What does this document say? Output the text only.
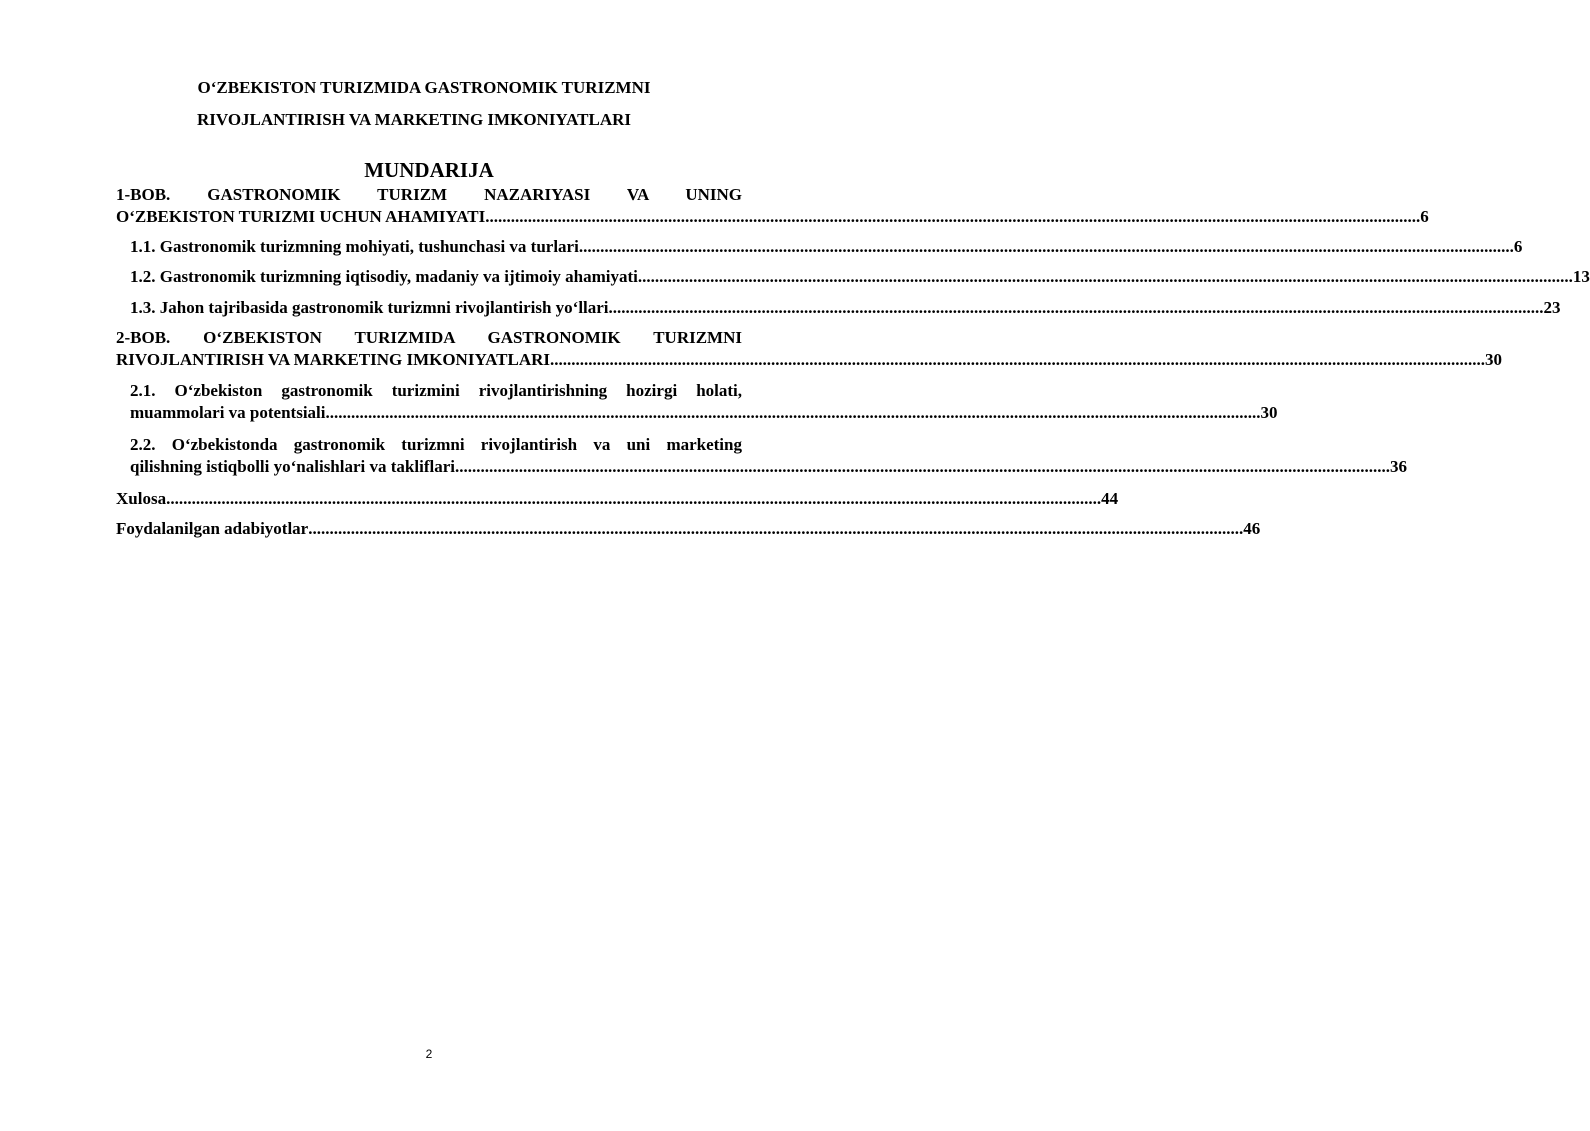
O‘ZBEKISTON TURIZMIDA GASTRONOMIK TURIZMNI
RIVOJLANTIRISH VA MARKETING IMKONIYATLARI
MUNDARIJA
1-BOB. GASTRONOMIK TURIZM NAZARIYASI VA UNING
O‘ZBEKISTON TURIZMI UCHUN AHAMIYATI ............................................................................................................................................................................................................................ 6
1.1. Gastronomik turizmning mohiyati, tushunchasi va turlari ............................................................................................................................................................................................................................ 6
1.2. Gastronomik turizmning iqtisodiy, madaniy va ijtimoiy ahamiyati ............................................................................................................................................................................................................................ 13
1.3. Jahon tajribasida gastronomik turizmni rivojlantirish yo‘llari ............................................................................................................................................................................................................................ 23
2-BOB. O‘ZBEKISTON TURIZMIDA GASTRONOMIK TURIZMNI
RIVOJLANTIRISH VA MARKETING IMKONIYATLARI ............................................................................................................................................................................................................................ 30
2.1. O‘zbekiston gastronomik turizmini rivojlantirishning hozirgi holati,
muammolari va potentsiali ............................................................................................................................................................................................................................ 30
2.2. O‘zbekistonda gastronomik turizmni rivojlantirish va uni marketing
qilishning istiqbolli yo‘nalishlari va takliflari ............................................................................................................................................................................................................................ 36
Xulosa ............................................................................................................................................................................................................................ 44
Foydalanilgan adabiyotlar ............................................................................................................................................................................................................................ 46
2
